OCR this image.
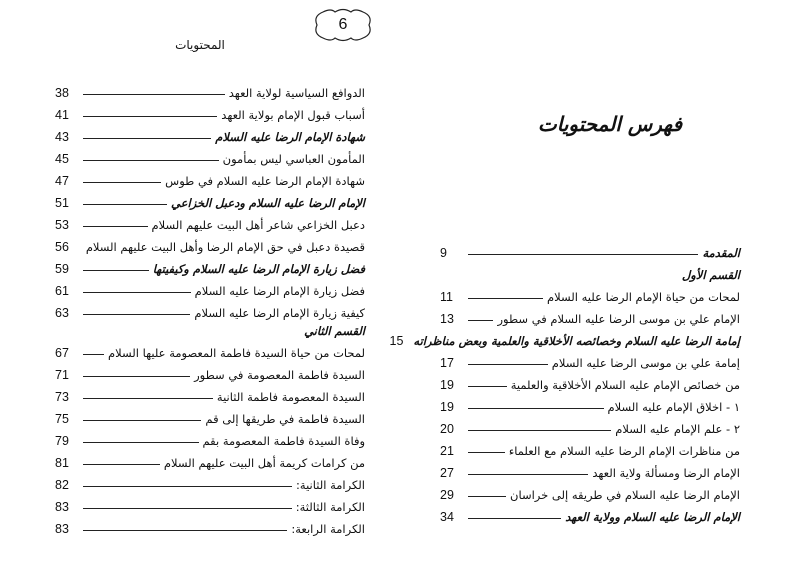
6
المحتويات
الدوافع السياسية لولاية العهد
38
أسباب قبول الإمام بولاية العهد
41
شهادة الإمام الرضا عليه السلام
43
المأمون العباسي ليس بمأمون
45
شهادة الإمام الرضا عليه السلام في طوس
47
الإمام الرضا عليه السلام ودعبل الخزاعي
51
دعبل الخزاعي شاعر أهل البيت عليهم السلام
53
قصيدة دعبل في حق الإمام الرضا وأهل البيت عليهم السلام
56
فضل زيارة الإمام الرضا عليه السلام وكيفيتها
59
فضل زيارة الإمام الرضا عليه السلام
61
كيفية زيارة الإمام الرضا عليه السلام
63
القسم الثاني
لمحات من حياة السيدة فاطمة المعصومة عليها السلام
67
السيدة فاطمة المعصومة في سطور
71
السيدة المعصومة فاطمة الثانية
73
السيدة فاطمة في طريقها إلى قم
75
وفاة السيدة فاطمة المعصومة بقم
79
من كرامات كريمة أهل البيت عليهم السلام
81
الكرامة الثانية:
82
الكرامة الثالثة:
83
الكرامة الرابعة:
83
فهرس المحتويات
المقدمة
9
القسم الأول
لمحات من حياة الإمام الرضا عليه السلام
11
الإمام علي بن موسى الرضا عليه السلام في سطور
13
إمامة الرضا عليه السلام وخصائصه الأخلاقية والعلمية وبعض مناظراته
15
إمامة علي بن موسى الرضا عليه السلام
17
من خصائص الإمام عليه السلام الأخلاقية والعلمية
19
١ - اخلاق الإمام عليه السلام
19
٢ - علم الإمام عليه السلام
20
من مناظرات الإمام الرضا عليه السلام مع العلماء
21
الإمام الرضا ومسألة ولاية العهد
27
الإمام الرضا عليه السلام في طريقه إلى خراسان
29
الإمام الرضا عليه السلام وولاية العهد
34
